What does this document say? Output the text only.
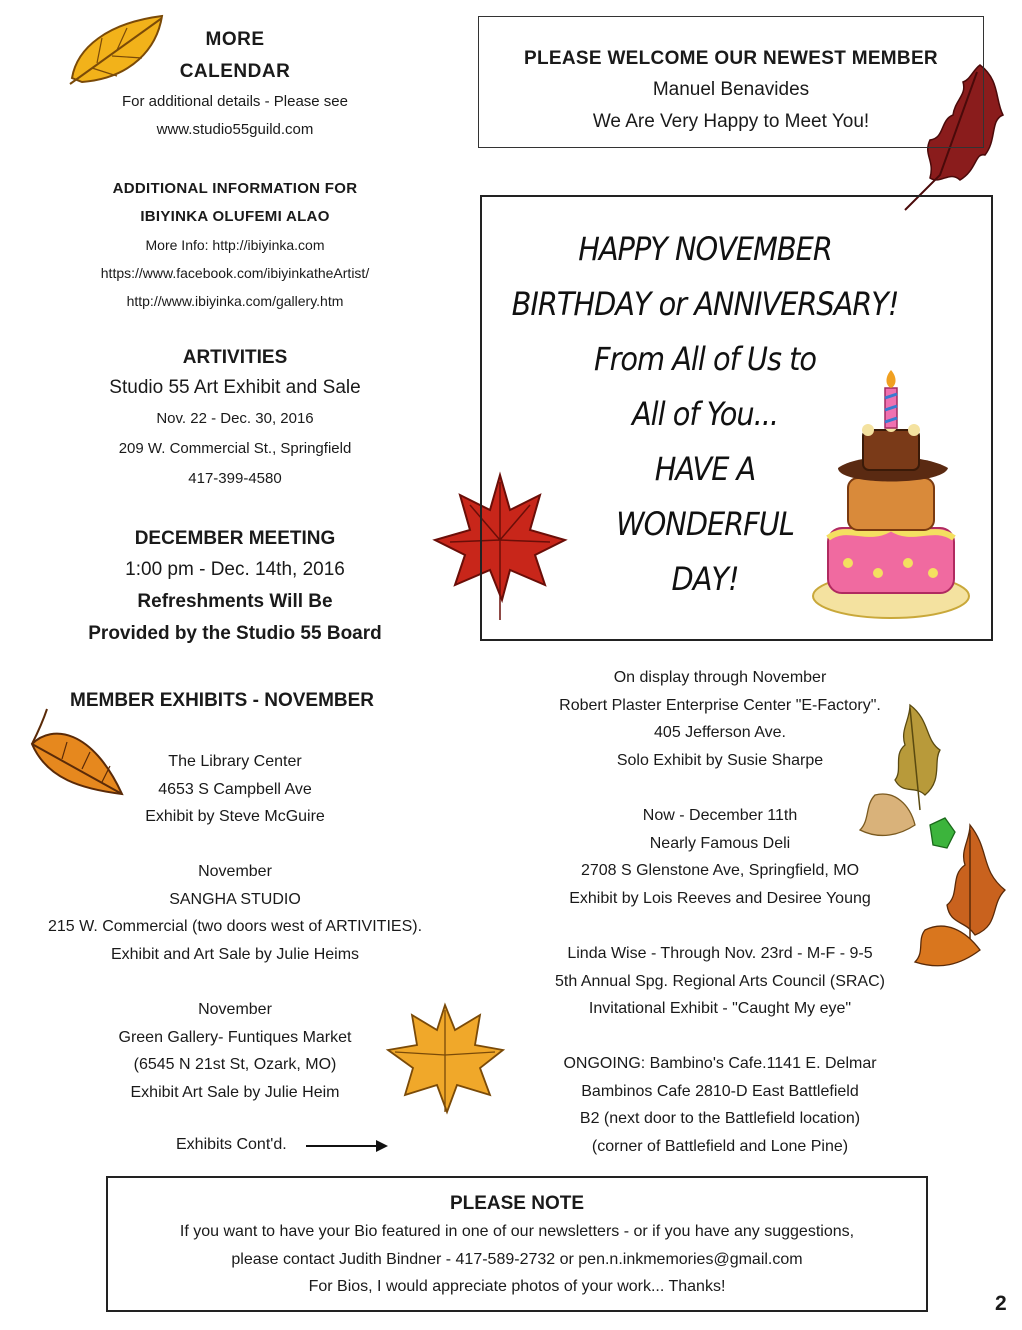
MORE
CALENDAR
For additional details - Please see
www.studio55guild.com
ADDITIONAL INFORMATION FOR
IBIYINKA OLUFEMI ALAO
More Info: http://ibiyinka.com
https://www.facebook.com/ibiyinkatheArtist/
http://www.ibiyinka.com/gallery.htm
ARTIVITIES
Studio 55 Art Exhibit and Sale
Nov. 22 - Dec. 30, 2016
209 W. Commercial St., Springfield
417-399-4580
DECEMBER MEETING
1:00 pm - Dec. 14th, 2016
Refreshments Will Be
Provided by the Studio 55 Board
MEMBER EXHIBITS - NOVEMBER
The Library Center
4653 S Campbell Ave
Exhibit by Steve McGuire
November
SANGHA STUDIO
215 W. Commercial (two doors west of ARTIVITIES).
Exhibit and Art Sale by Julie Heims
November
Green Gallery- Funtiques Market
(6545 N 21st St, Ozark, MO)
Exhibit Art Sale by Julie Heim
Exhibits Cont'd.
PLEASE WELCOME OUR NEWEST MEMBER
Manuel Benavides
We Are Very Happy to Meet You!
HAPPY NOVEMBER
BIRTHDAY or ANNIVERSARY!
From All of Us to
All of You...
HAVE A
WONDERFUL
DAY!
On display through November
Robert Plaster Enterprise Center "E-Factory".
405 Jefferson Ave.
Solo Exhibit by Susie Sharpe
Now - December 11th
Nearly Famous Deli
2708 S Glenstone Ave, Springfield, MO
Exhibit by Lois Reeves and Desiree Young
Linda Wise - Through Nov. 23rd - M-F - 9-5
5th Annual Spg. Regional Arts Council (SRAC)
Invitational Exhibit - "Caught My eye"
ONGOING: Bambino's Cafe.1141 E. Delmar
Bambinos Cafe 2810-D East Battlefield
B2 (next door to the Battlefield location)
(corner of Battlefield and Lone Pine)
PLEASE NOTE
If you want to have your Bio featured in one of our newsletters - or if you have any suggestions,
please contact Judith Bindner - 417-589-2732 or pen.n.inkmemories@gmail.com
For Bios, I would appreciate photos of your work... Thanks!
2
